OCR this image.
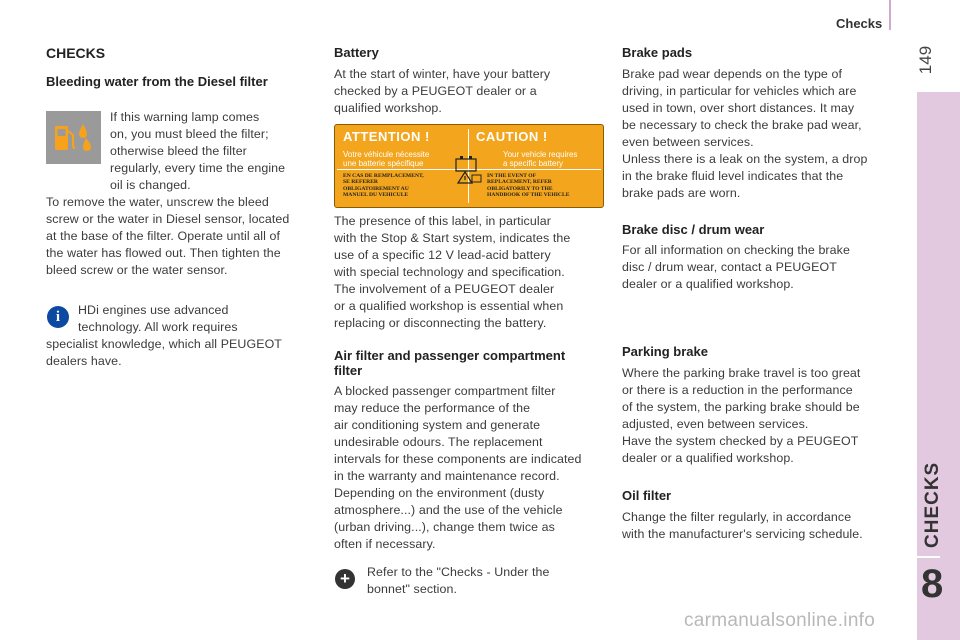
Checks
149
CHECKS
8
CHECKS
Bleeding water from the Diesel filter
If this warning lamp comes
on, you must bleed the filter;
otherwise bleed the filter
regularly, every time the engine
oil is changed.
To remove the water, unscrew the bleed
screw or the water in Diesel sensor, located
at the base of the filter. Operate until all of
the water has flowed out. Then tighten the
bleed screw or the water sensor.
i	HDi engines use advanced
technology. All work requires
specialist knowledge, which all PEUGEOT
dealers have.
Battery
At the start of winter, have your battery
checked by a PEUGEOT dealer or a
qualified workshop.
ATTENTION !	CAUTION !
Votre véhicule nécessite
une batterie spécifique
Your vehicle requires
a specific battery
EN CAS DE REMPLACEMENT,
SE REFERER
OBLIGATOIREMENT AU
MANUEL DU VEHICULE
IN THE EVENT OF
REPLACEMENT, REFER
OBLIGATORILY TO THE
HANDBOOK OF THE VEHICLE
The presence of this label, in particular
with the Stop & Start system, indicates the
use of a specific 12 V lead-acid battery
with special technology and specification.
The involvement of a PEUGEOT dealer
or a qualified workshop is essential when
replacing or disconnecting the battery.
Air filter and passenger compartment
filter
A blocked passenger compartment filter
may reduce the performance of the
air conditioning system and generate
undesirable odours. The replacement
intervals for these components are indicated
in the warranty and maintenance record.
Depending on the environment (dusty
atmosphere...) and the use of the vehicle
(urban driving...), change them twice as
often if necessary.
+	Refer to the "Checks - Under the
bonnet" section.
Brake pads
Brake pad wear depends on the type of
driving, in particular for vehicles which are
used in town, over short distances. It may
be necessary to check the brake pad wear,
even between services.
Unless there is a leak on the system, a drop
in the brake fluid level indicates that the
brake pads are worn.
Brake disc / drum wear
For all information on checking the brake
disc / drum wear, contact a PEUGEOT
dealer or a qualified workshop.
Parking brake
Where the parking brake travel is too great
or there is a reduction in the performance
of the system, the parking brake should be
adjusted, even between services.
Have the system checked by a PEUGEOT
dealer or a qualified workshop.
Oil filter
Change the filter regularly, in accordance
with the manufacturer's servicing schedule.
carmanualsonline.info
